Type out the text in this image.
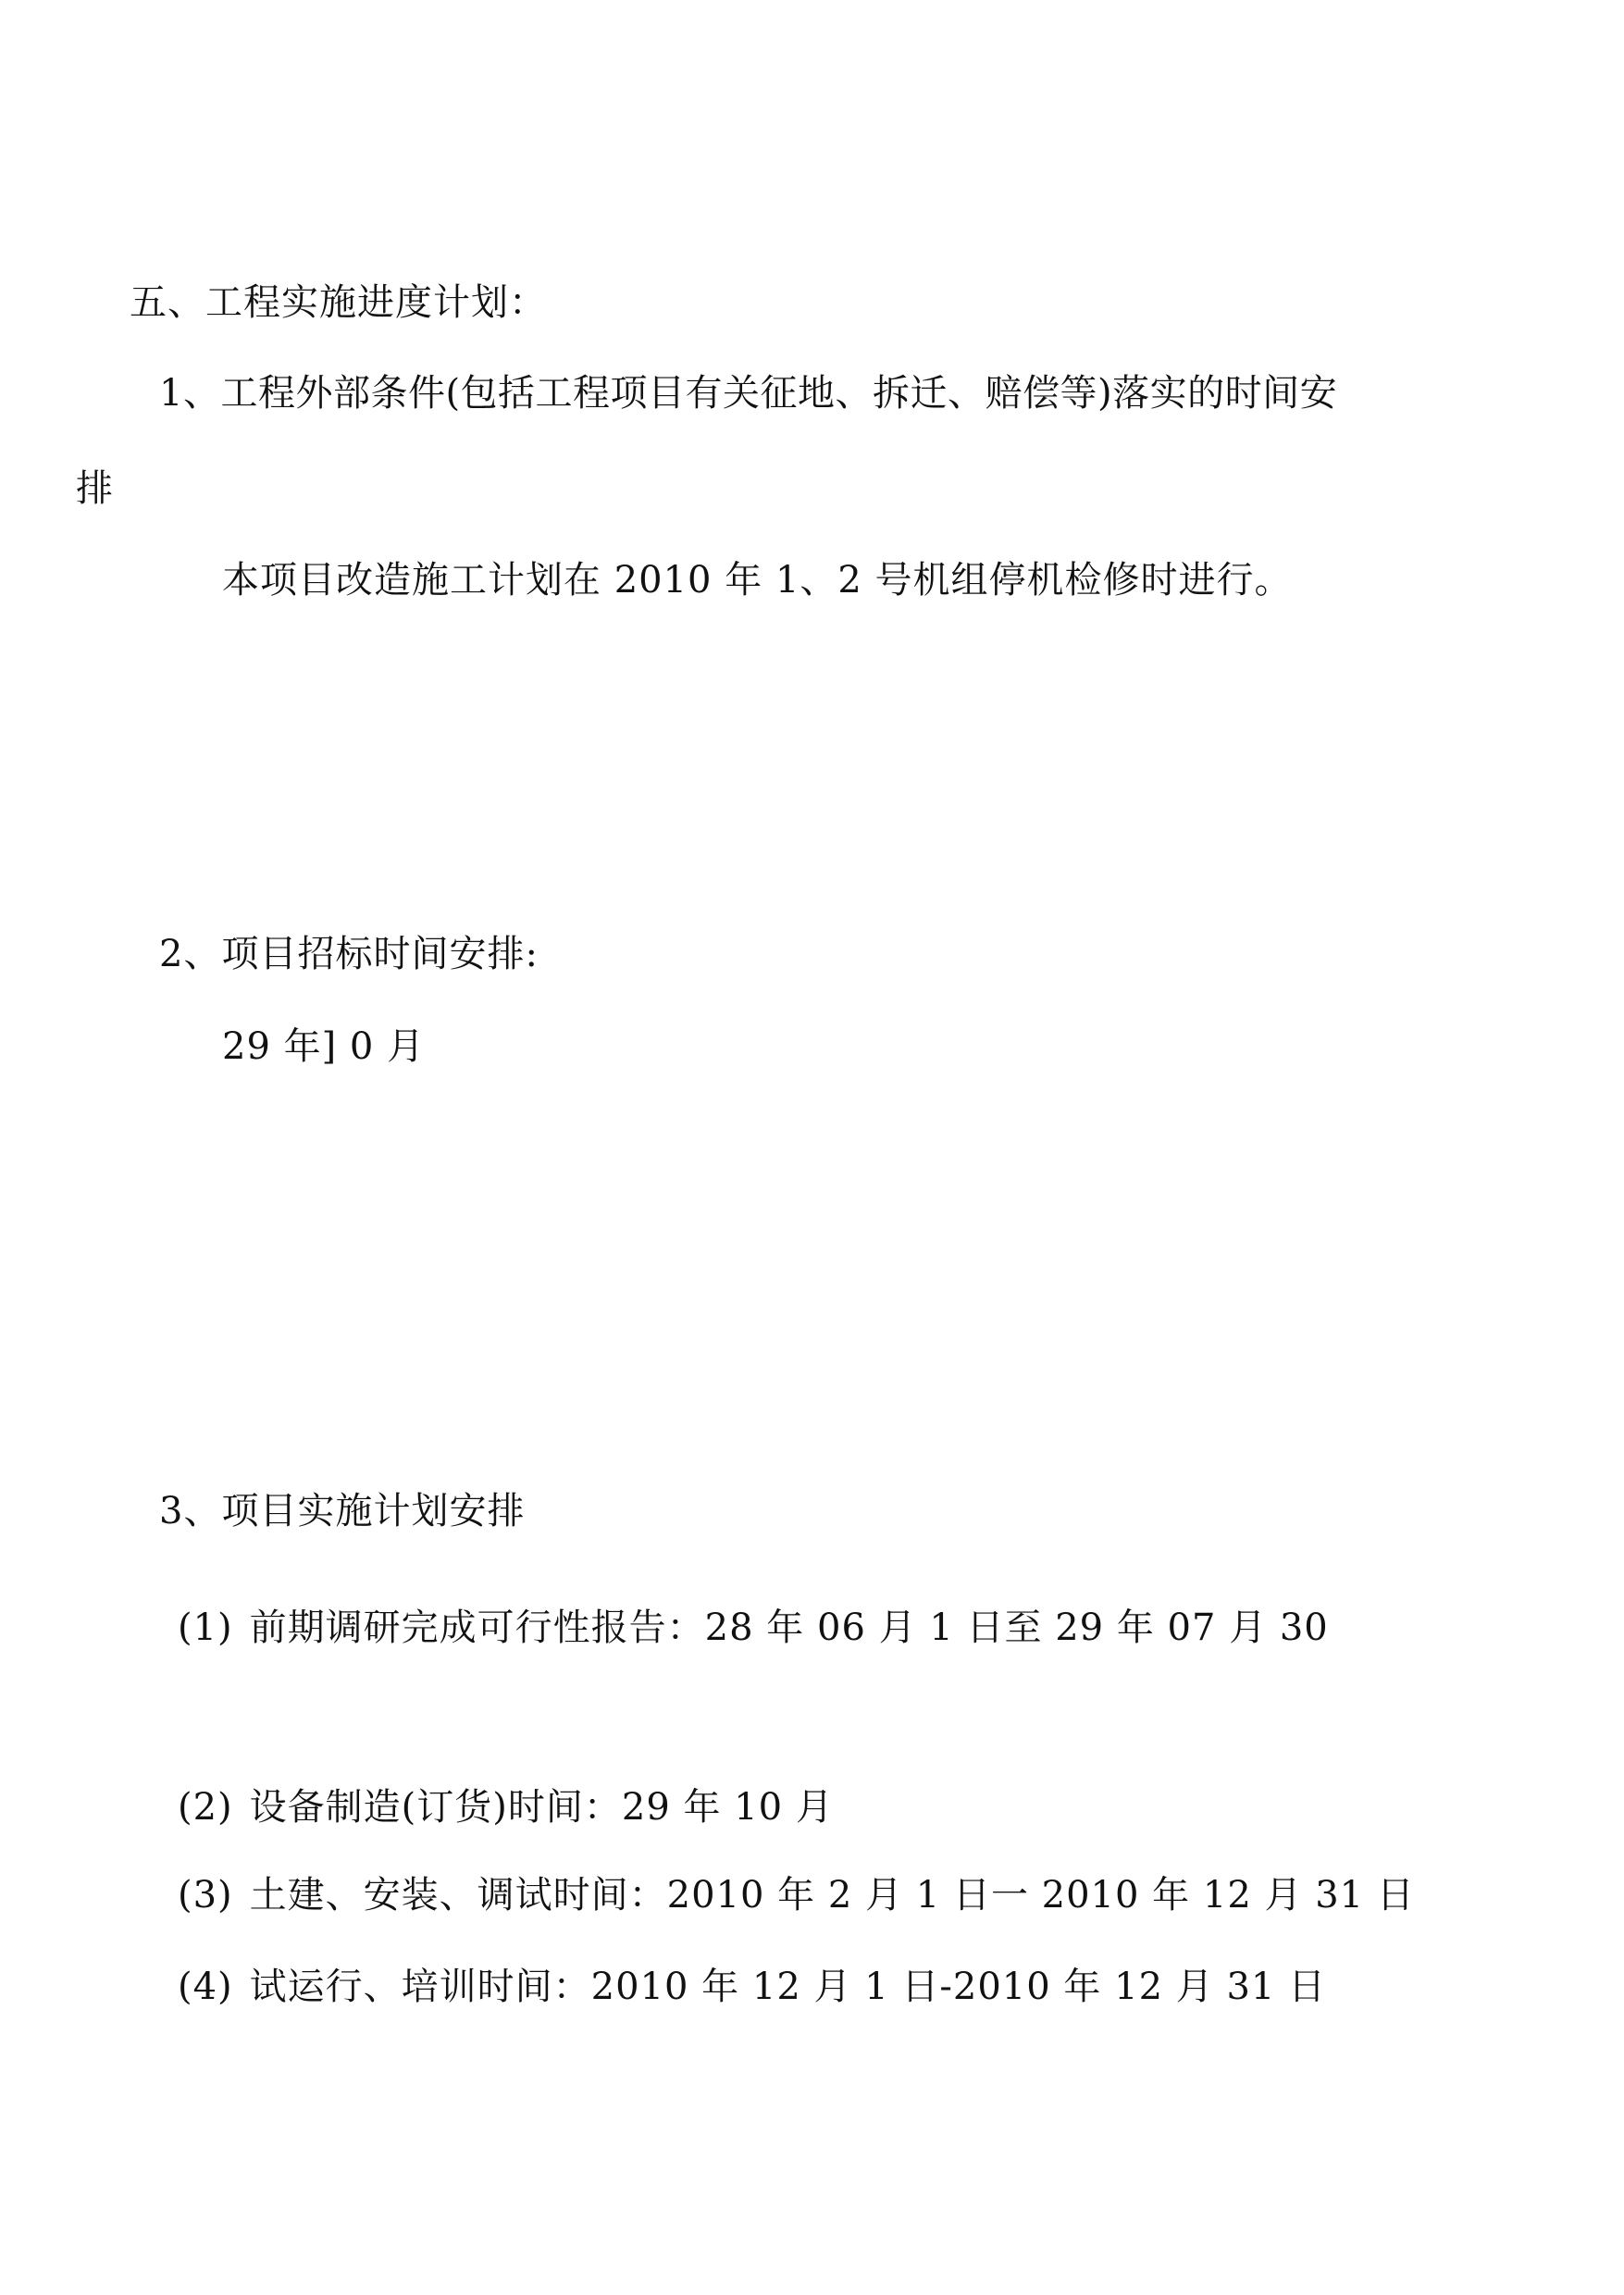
五、工程实施进度计划：

1、工程外部条件(包括工程项目有关征地、拆迁、赔偿等)落实的时间安

排

本项目改造施工计划在 2010 年 1、2 号机组停机检修时进行。

2、项目招标时间安排:

29 年] 0 月

3、项目实施计划安排

(1) 前期调研完成可行性报告：28 年 06 月 1 日至 29 年 07 月 30

(2) 设备制造(订货)时间：29 年 10 月

(3) 土建、安装、调试时间：2010 年 2 月 1 日一 2010 年 12 月 31 日

(4) 试运行、培训时间：2010 年 12 月 1 日-2010 年 12 月 31 日
